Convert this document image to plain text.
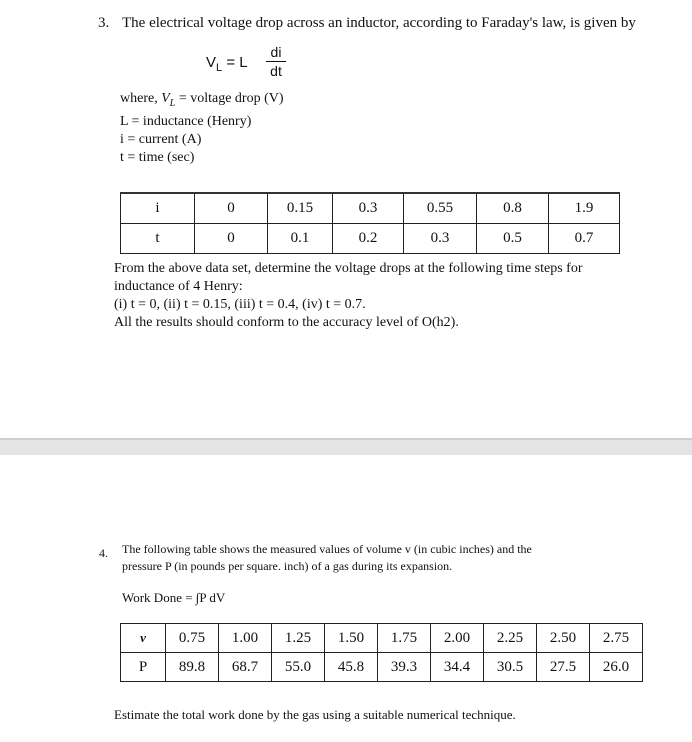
3. The electrical voltage drop across an inductor, according to Faraday's law, is given by
$V_L = L$
di
dt
where, $V_L$ = voltage drop (V)
L = inductance (Henry)
i = current (A)
t = time (sec)
i	0	0.15	0.3	0.55	0.8	1.9
t	0	0.1	0.2	0.3	0.5	0.7
From the above data set, determine the voltage drops at the following time steps for
inductance of 4 Henry:
(i) t = 0, (ii) t = 0.15, (iii) t = 0.4, (iv) t = 0.7.
All the results should conform to the accuracy level of O(h2).
4. The following table shows the measured values of volume v (in cubic inches) and the
pressure P (in pounds per square. inch) of a gas during its expansion.
Work Done = ∫P dV
v	0.75	1.00	1.25	1.50	1.75	2.00	2.25	2.50	2.75
P	89.8	68.7	55.0	45.8	39.3	34.4	30.5	27.5	26.0
Estimate the total work done by the gas using a suitable numerical technique.
